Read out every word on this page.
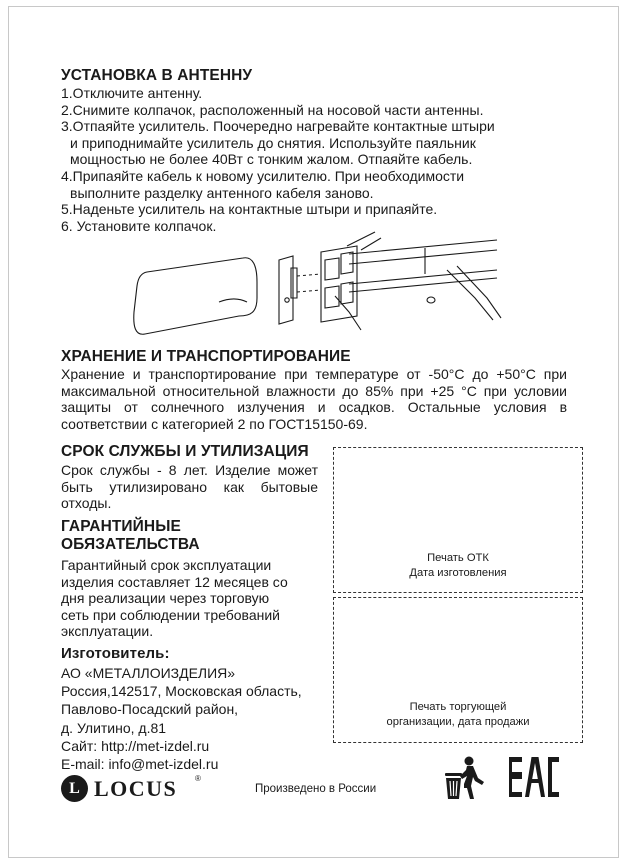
УСТАНОВКА В АНТЕННУ
1.Отключите антенну.
2.Снимите колпачок, расположенный на носовой части антенны.
3.Отпаяйте усилитель. Поочередно нагревайте контактные штыри
и приподнимайте усилитель до снятия. Используйте паяльник
мощностью не более 40Вт с тонким жалом. Отпаяйте кабель.
4.Припаяйте кабель к новому усилителю. При необходимости
выполните разделку антенного кабеля заново.
5.Наденьте усилитель на контактные штыри и припаяйте.
6. Установите колпачок.
ХРАНЕНИЕ И ТРАНСПОРТИРОВАНИЕ
Хранение и транспортирование при температуре от -50°С до +50°С при максимальной относительной влажности до 85% при +25 °С при условии защиты от солнечного излучения и осадков. Остальные условия в соответствии с категорией 2 по ГОСТ15150-69.
СРОК СЛУЖБЫ И УТИЛИЗАЦИЯ
Срок службы - 8 лет. Изделие может быть утилизировано как бытовые отходы.
ГАРАНТИЙНЫЕ
ОБЯЗАТЕЛЬСТВА
Гарантийный срок эксплуатации
изделия составляет 12 месяцев со
дня реализации через торговую
сеть при соблюдении требований
эксплуатации.
Изготовитель:
АО «МЕТАЛЛОИЗДЕЛИЯ»
Россия,142517, Московская область,
Павлово-Посадский район,
д. Улитино, д.81
Сайт: http://met-izdel.ru
E-mail: info@met-izdel.ru
Печать ОТК
Дата изготовления
Печать торгующей
организации, дата продажи
L LOCUS ®
Произведено в России
